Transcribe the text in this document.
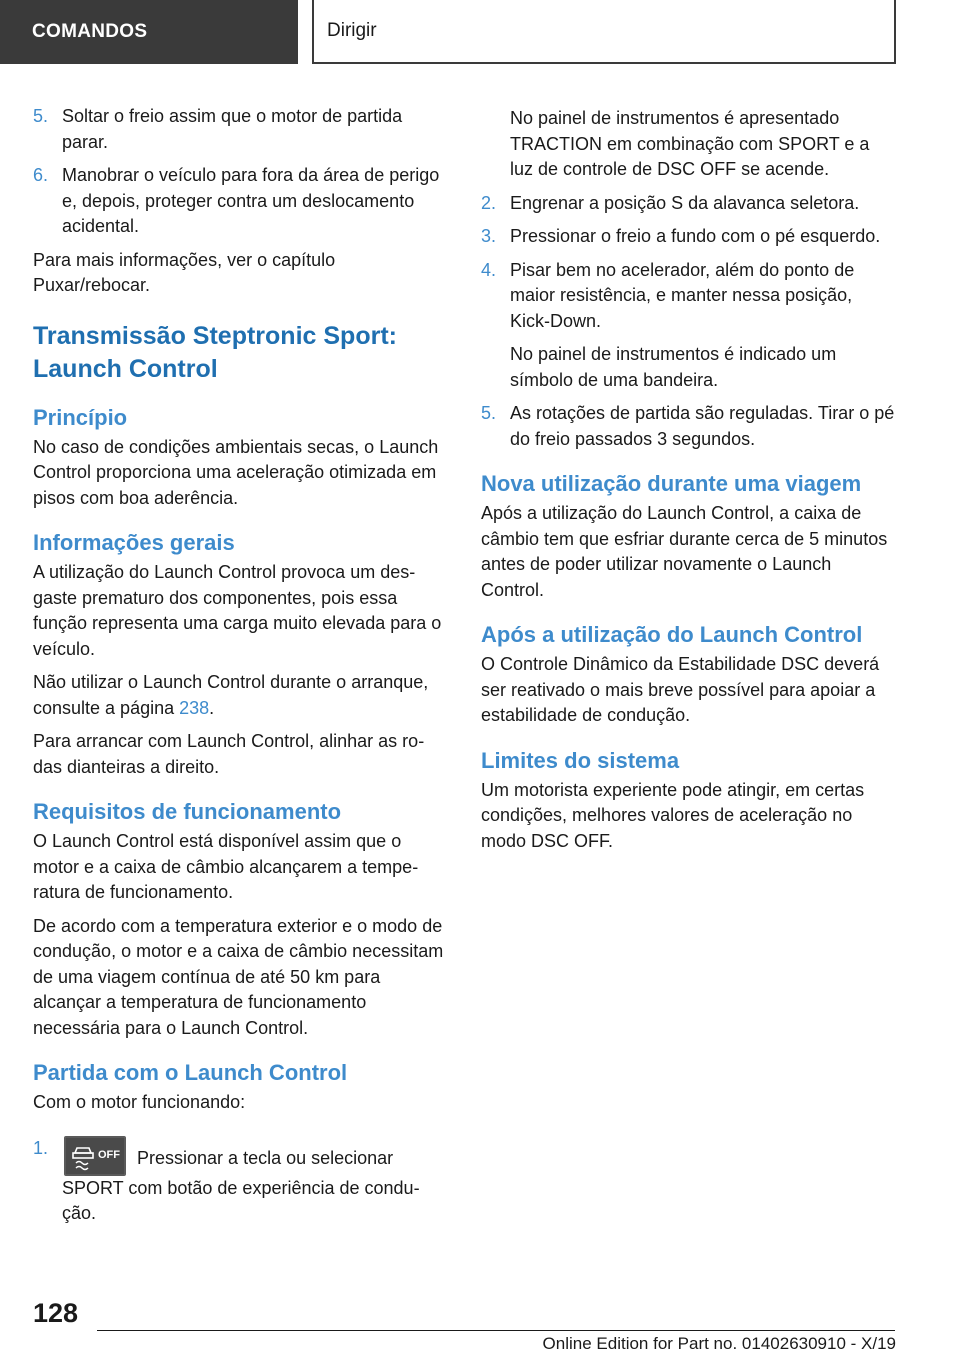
COMANDOS	Dirigir
5. Soltar o freio assim que o motor de partida parar.
6. Manobrar o veículo para fora da área de perigo e, depois, proteger contra um deslocamento acidental.

Para mais informações, ver o capítulo Puxar/rebocar.

Transmissão Steptronic Sport: Launch Control
Princípio

No caso de condições ambientais secas, o Launch Control proporciona uma aceleração otimizada em pisos com boa aderência.

Informações gerais

A utilização do Launch Control provoca um desgaste prematuro dos componentes, pois essa função representa uma carga muito elevada para o veículo.

Não utilizar o Launch Control durante o arranque, consulte a página 238.

Para arrancar com Launch Control, alinhar as rodas dianteiras a direito.

Requisitos de funcionamento

O Launch Control está disponível assim que o motor e a caixa de câmbio alcançarem a temperatura de funcionamento.

De acordo com a temperatura exterior e o modo de condução, o motor e a caixa de câmbio necessitam de uma viagem contínua de até 50 km para alcançar a temperatura de funcionamento necessária para o Launch Control.

Partida com o Launch Control

Com o motor funcionando:

1.	OFF Pressionar a tecla ou selecionar SPORT com botão de experiência de condução.

No painel de instrumentos é apresentado TRACTION em combinação com SPORT e a luz de controle de DSC OFF se acende.

2. Engrenar a posição S da alavanca seletora.
3. Pressionar o freio a fundo com o pé esquerdo.
4. Pisar bem no acelerador, além do ponto de maior resistência, e manter nessa posição, Kick-Down.

No painel de instrumentos é indicado um símbolo de uma bandeira.

5. As rotações de partida são reguladas. Tirar o pé do freio passados 3 segundos.
Nova utilização durante uma viagem

Após a utilização do Launch Control, a caixa de câmbio tem que esfriar durante cerca de 5 minutos antes de poder utilizar novamente o Launch Control.

Após a utilização do Launch Control

O Controle Dinâmico da Estabilidade DSC deverá ser reativado o mais breve possível para apoiar a estabilidade de condução.

Limites do sistema

Um motorista experiente pode atingir, em certas condições, melhores valores de aceleração no modo DSC OFF.

128
Online Edition for Part no. 01402630910 - X/19
